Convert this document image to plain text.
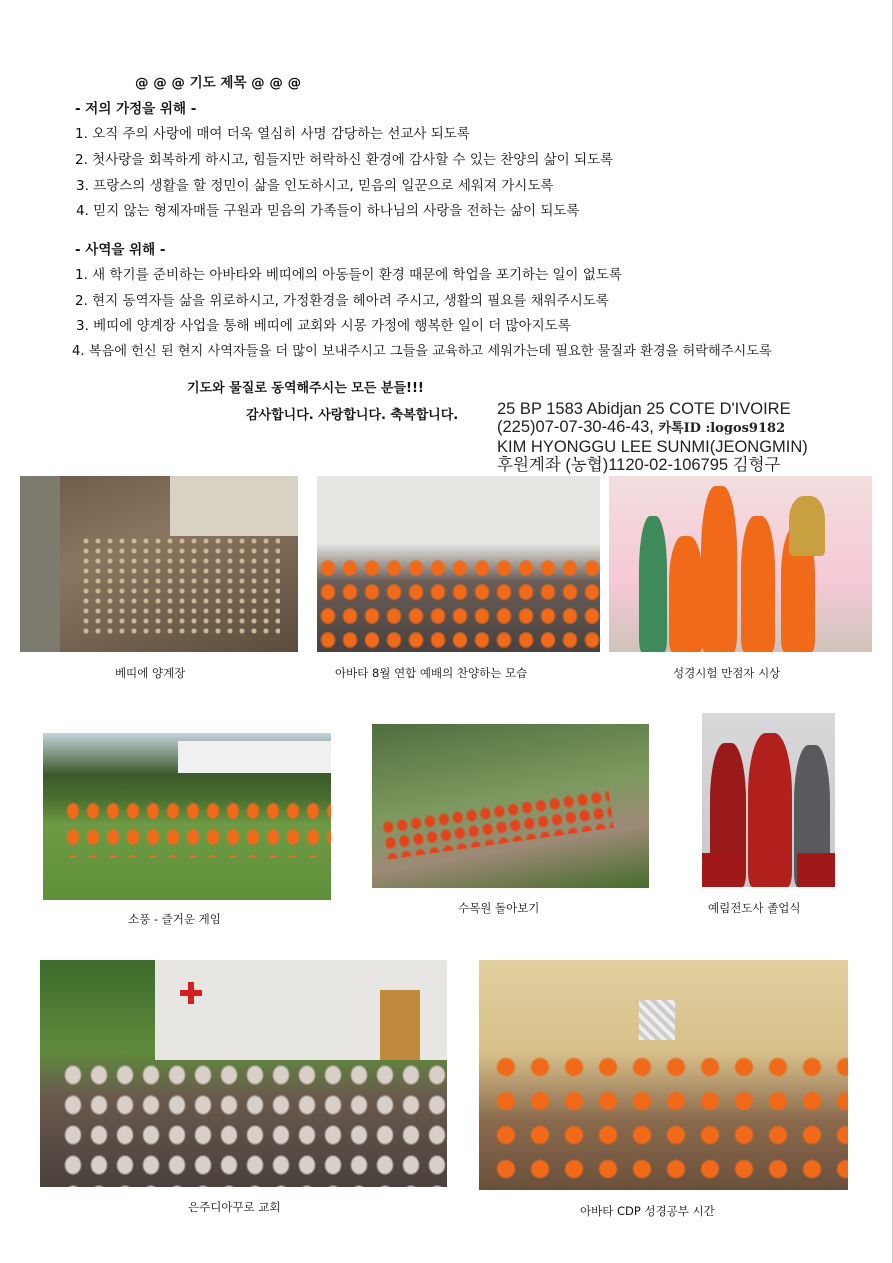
@ @ @ 기도 제목 @ @ @
- 저의 가정을 위해 -
1. 오직 주의 사랑에 매여 더욱 열심히 사명 감당하는 선교사 되도록
2. 첫사랑을 회복하게 하시고, 힘들지만 허락하신 환경에 감사할 수 있는 찬양의 삶이 되도록
3. 프랑스의 생활을 할 정민이 삶을 인도하시고, 믿음의 일꾼으로 세워져 가시도록
4. 믿지 않는 형제자매들 구원과 믿음의 가족들이 하나님의 사랑을 전하는 삶이 되도록
- 사역을 위해 -
1. 새 학기를 준비하는 아바타와 베띠에의 아동들이 환경 때문에 학업을 포기하는 일이 없도록
2. 현지 동역자들 삶을 위로하시고, 가정환경을 헤아려 주시고, 생활의 필요를 채워주시도록
3. 베띠에 양계장 사업을 통해 베띠에 교회와 시몽 가정에 행복한 일이 더 많아지도록
4. 복음에 헌신 된 현지 사역자들을 더 많이 보내주시고 그들을 교육하고 세워가는데 필요한 물질과 환경을 허락해주시도록
기도와 물질로 동역해주시는 모든 분들!!!
감사합니다. 사랑합니다. 축복합니다. 25 BP 1583 Abidjan 25 COTE D'IVOIRE
(225)07-07-30-46-43, 카톡ID :logos9182
KIM HYONGGU LEE SUNMI(JEONGMIN)
후원계좌 (농협)1120-02-106795 김형구
베띠에 양계장	아바타 8월 연합 예배의 찬양하는 모습	성경시험 만점자 시상
소풍 - 즐거운 게임
수목원 돌아보기	예림전도사 졸업식
은주디아꾸로 교회	아바타 CDP 성경공부 시간
